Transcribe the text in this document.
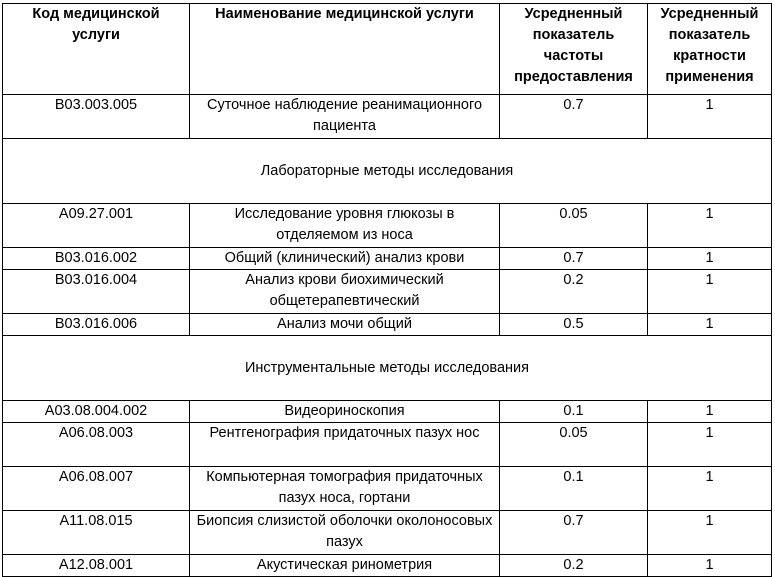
Код медицинской услуги	Наименование медицинской услуги	Усредненный показатель частоты предоставления	Усредненный показатель кратности применения
B03.003.005	Суточное наблюдение реанимационного пациента	0.7	1
Лабораторные методы исследования			
A09.27.001	Исследование уровня глюкозы в отделяемом из носа	0.05	1
B03.016.002	Общий (клинический) анализ крови	0.7	1
B03.016.004	Анализ крови биохимический общетерапевтический	0.2	1
B03.016.006	Анализ мочи общий	0.5	1
Инструментальные методы исследования			
A03.08.004.002	Видеориноскопия	0.1	1
A06.08.003	Рентгенография придаточных пазух нос	0.05	1
A06.08.007	Компьютерная томография придаточных пазух носа, гортани	0.1	1
A11.08.015	Биопсия слизистой оболочки околоносовых пазух	0.7	1
A12.08.001	Акустическая ринометрия	0.2	1
